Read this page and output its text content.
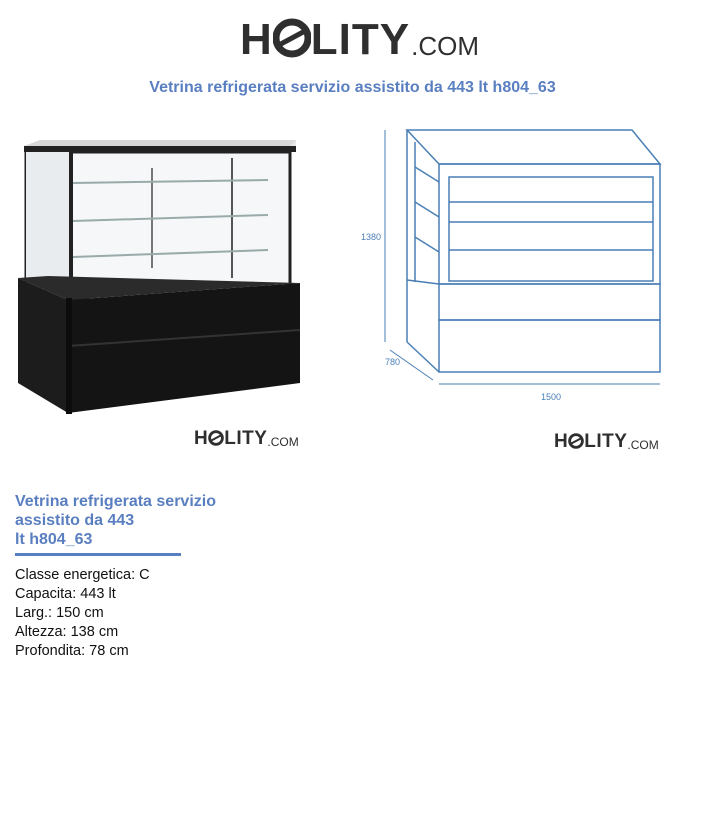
H LITY .COM
Vetrina refrigerata servizio assistito da 443 lt h804_63
1380
780
1500
H LITY .COM	H LITY .COM
Vetrina refrigerata servizio
assistito da 443
lt h804_63
Classe energetica: C
Capacita: 443 lt
Larg.: 150 cm
Altezza: 138 cm
Profondita: 78 cm
